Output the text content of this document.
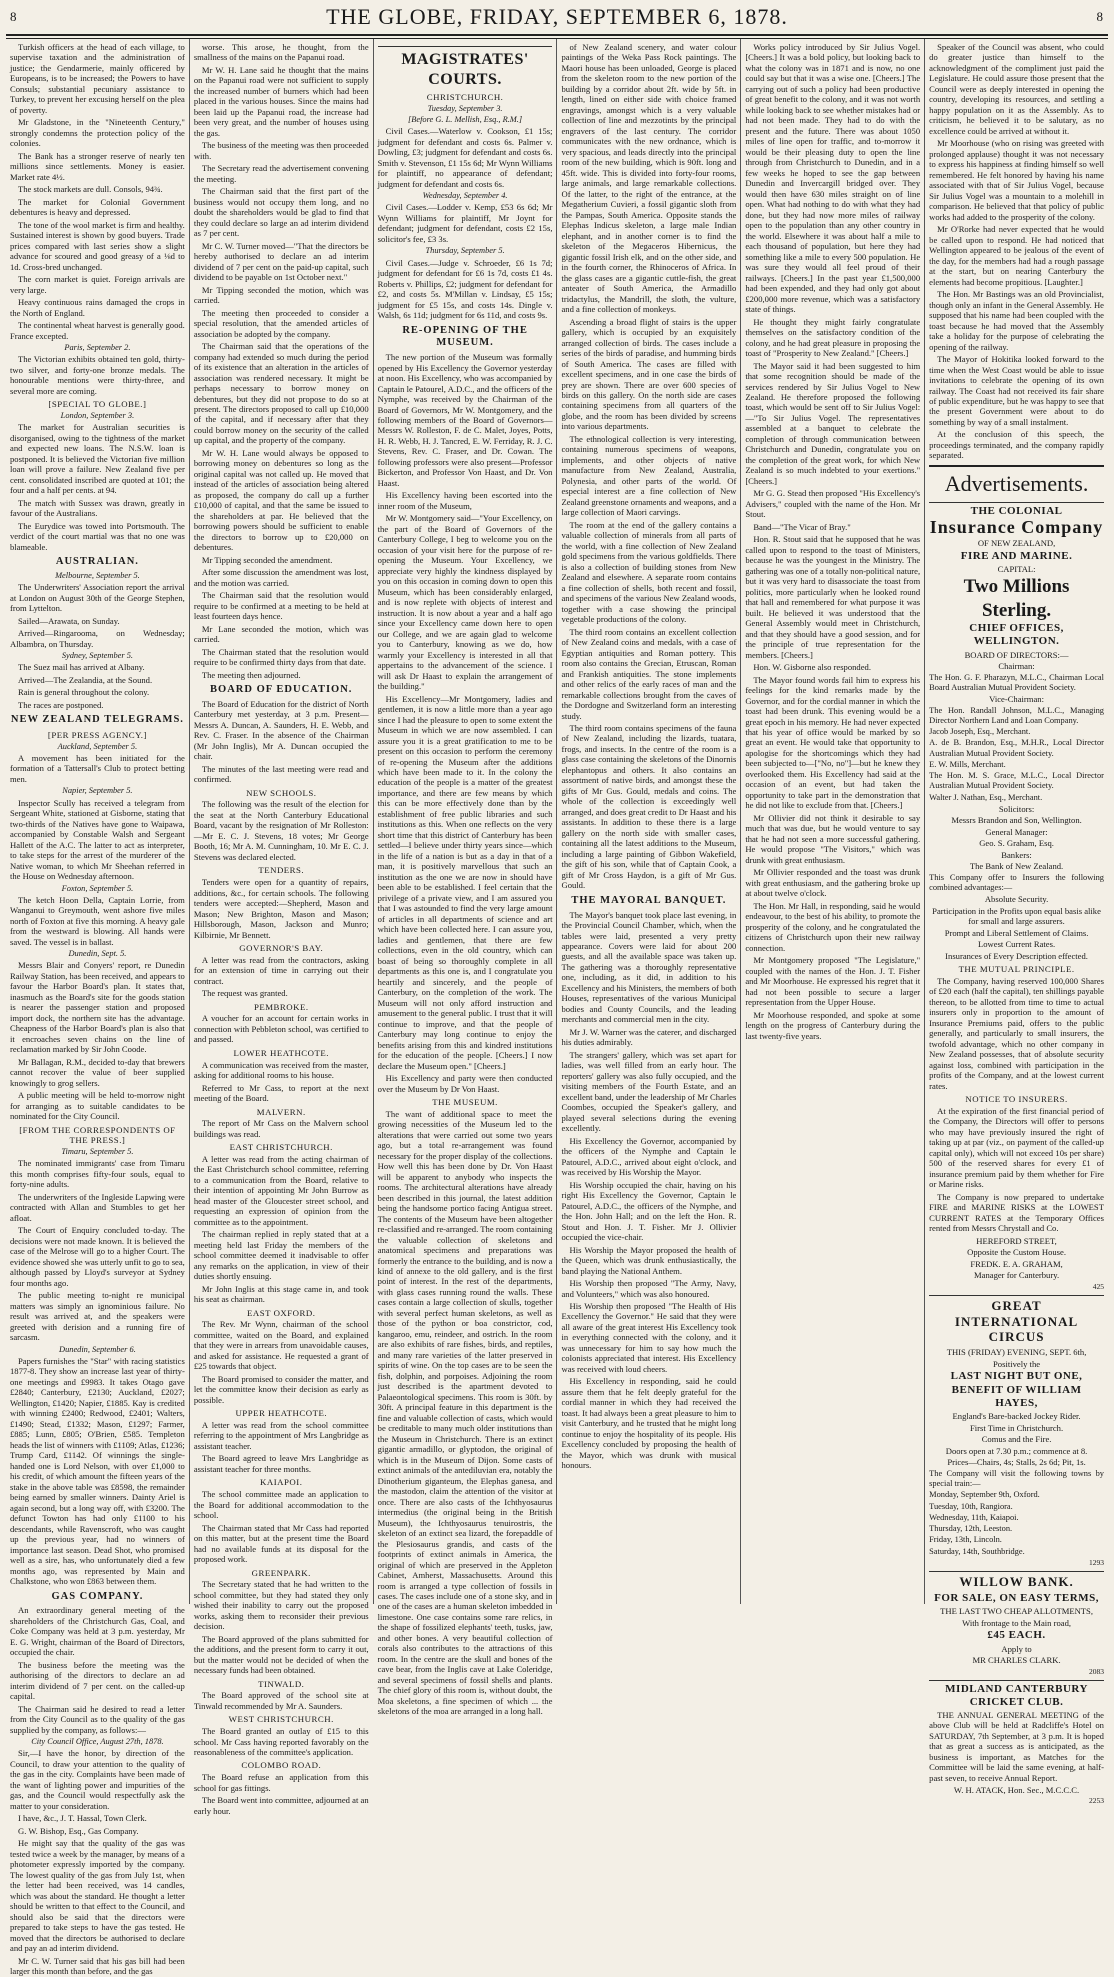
8	THE GLOBE, FRIDAY, SEPTEMBER 6, 1878.	8

Turkish officers at the head of each village, to supervise taxation and the administration of justice; the Gendarmerie, mainly officered by Europeans, is to be increased; the Powers to have Consuls; substantial pecuniary assistance to Turkey, to prevent her excusing herself on the plea of poverty.

Mr Gladstone, in the "Nineteenth Century," strongly condemns the protection policy of the colonies.

The Bank has a stronger reserve of nearly ten millions since settlements. Money is easier. Market rate 4½.

The stock markets are dull. Consols, 94¾.

The market for Colonial Government debentures is heavy and depressed.

The tone of the wool market is firm and healthy. Sustained interest is shown by good buyers. Trade prices compared with last series show a slight advance for scoured and good greasy of a ⅛d to 1d. Cross-bred unchanged.

The corn market is quiet. Foreign arrivals are very large.

Heavy continuous rains damaged the crops in the North of England.

The continental wheat harvest is generally good. France excepted.

Paris, September 2.

The Victorian exhibits obtained ten gold, thirty-two silver, and forty-one bronze medals. The honourable mentions were thirty-three, and several more are coming.

[SPECIAL TO GLOBE.]
London, September 3.

The market for Australian securities is disorganised, owing to the tightness of the market and expected new loans. The N.S.W. loan is postponed. It is believed the Victorian five million loan will prove a failure. New Zealand five per cent. consolidated inscribed are quoted at 101; the four and a half per cents. at 94.

The match with Sussex was drawn, greatly in favour of the Australians.

The Eurydice was towed into Portsmouth. The verdict of the court martial was that no one was blameable.

AUSTRALIAN.
Melbourne, September 5.

The Underwriters' Association report the arrival at London on August 30th of the George Stephen, from Lyttelton.

Sailed—Arawata, on Sunday.

Arrived—Ringarooma, on Wednesday; Albambra, on Thursday.

Sydney, September 5.

The Suez mail has arrived at Albany.

Arrived—The Zealandia, at the Sound.

Rain is general throughout the colony.

The races are postponed.

NEW ZEALAND TELEGRAMS.
[PER PRESS AGENCY.]
Auckland, September 5.

A movement has been initiated for the formation of a Tattersall's Club to protect betting men.

Napier, September 5.

Inspector Scully has received a telegram from Sergeant White, stationed at Gisborne, stating that two-thirds of the Natives have gone to Waipawa, accompanied by Constable Walsh and Sergeant Hallett of the A.C. The latter to act as interpreter, to take steps for the arrest of the murderer of the Native woman, to which Mr Sheehan referred in the House on Wednesday afternoon.

Foxton, September 5.

The ketch Hoon Della, Captain Lorrie, from Wanganui to Greymouth, went ashore five miles north of Foxton at five this morning. A heavy gale from the westward is blowing. All hands were saved. The vessel is in ballast.

Dunedin, Sept. 5.

Messrs Blair and Conyers' report, re Dunedin Railway Station, has been received, and appears to favour the Harbor Board's plan. It states that, inasmuch as the Board's site for the goods station is nearer the passenger station and proposed import dock, the northern site has the advantage. Cheapness of the Harbor Board's plan is also that it encroaches seven chains on the line of reclamation marked by Sir John Coode.

Mr Ballagan, R.M., decided to-day that brewers cannot recover the value of beer supplied knowingly to grog sellers.

A public meeting will be held to-morrow night for arranging as to suitable candidates to be nominated for the City Council.

[FROM THE CORRESPONDENTS OF THE PRESS.]
Timaru, September 5.

The nominated immigrants' case from Timaru this month comprises fifty-four souls, equal to forty-nine adults.

The underwriters of the Ingleside Lapwing were contracted with Allan and Stumbles to get her afloat.

The Court of Enquiry concluded to-day. The decisions were not made known. It is believed the case of the Melrose will go to a higher Court. The evidence showed she was utterly unfit to go to sea, although passed by Lloyd's surveyor at Sydney four months ago.

The public meeting to-night re municipal matters was simply an ignominious failure. No result was arrived at, and the speakers were greeted with derision and a running fire of sarcasm.

Dunedin, September 6.

Papers furnishes the "Star" with racing statistics 1877-8. They show an increase last year of thirty-one meetings and £9983. It takes Otago gave £2840; Canterbury, £2130; Auckland, £2027; Wellington, £1420; Napier, £1885. Kay is credited with winning £2400; Redwood, £2401; Walters, £1490; Stead, £1332; Mason, £1297; Farmer, £885; Lunn, £805; O'Brien, £585. Templeton heads the list of winners with £1109; Atlas, £1236; Trump Card, £1142. Of winnings the single-handed one is Lord Nelson, with over £1,000 to his credit, of which amount the fifteen years of the stake in the above table was £8598, the remainder being earned by smaller winners. Dainty Ariel is again second, but a long way off, with £3200. The defunct Towton has had only £1100 to his descendants, while Ravenscroft, who was caught up the previous year, had no winners of importance last season. Dead Shot, who promised well as a sire, has, who unfortunately died a few months ago, was represented by Main and Chalkstone, who won £863 between them.

GAS COMPANY.

An extraordinary general meeting of the shareholders of the Christchurch Gas, Coal, and Coke Company was held at 3 p.m. yesterday, Mr E. G. Wright, chairman of the Board of Directors, occupied the chair.

The business before the meeting was the authorising of the directors to declare an ad interim dividend of 7 per cent. on the called-up capital.

The Chairman said he desired to read a letter from the City Council as to the quality of the gas supplied by the company, as follows:—

City Council Office, August 27th, 1878.

Sir,—I have the honor, by direction of the Council, to draw your attention to the quality of the gas in the city. Complaints have been made of the want of lighting power and impurities of the gas, and the Council would respectfully ask the matter to your consideration.

I have, &c., J. T. Hassal, Town Clerk.

G. W. Bishop, Esq., Gas Company.

He might say that the quality of the gas was tested twice a week by the manager, by means of a photometer expressly imported by the company. The lowest quality of the gas from July 1st, when the letter had been received, was 14 candles, which was about the standard. He thought a letter should be written to that effect to the Council, and should also be said that the directors were prepared to take steps to have the gas tested. He moved that the directors be authorised to declare and pay an ad interim dividend.

Mr C. W. Turner said that his gas bill had been larger this month than before, and the gas

worse. This arose, he thought, from the smallness of the mains on the Papanui road.

Mr W. H. Lane said he thought that the mains on the Papanui road were not sufficient to supply the increased number of burners which had been placed in the various houses. Since the mains had been laid up the Papanui road, the increase had been very great, and the number of houses using the gas.

The business of the meeting was then proceeded with.

The Secretary read the advertisement convening the meeting.

The Chairman said that the first part of the business would not occupy them long, and no doubt the shareholders would be glad to find that they could declare so large an ad interim dividend as 7 per cent.

Mr C. W. Turner moved—"That the directors be hereby authorised to declare an ad interim dividend of 7 per cent on the paid-up capital, such dividend to be payable on 1st October next."

Mr Tipping seconded the motion, which was carried.

The meeting then proceeded to consider a special resolution, that the amended articles of association be adopted by the company.

The Chairman said that the operations of the company had extended so much during the period of its existence that an alteration in the articles of association was rendered necessary. It might be perhaps necessary to borrow money on debentures, but they did not propose to do so at present. The directors proposed to call up £10,000 of the capital, and if necessary after that they could borrow money on the security of the called up capital, and the property of the company.

Mr W. H. Lane would always be opposed to borrowing money on debentures so long as the original capital was not called up. He moved that instead of the articles of association being altered as proposed, the company do call up a further £10,000 of capital, and that the same be issued to the shareholders at par. He believed that the borrowing powers should be sufficient to enable the directors to borrow up to £20,000 on debentures.

Mr Tipping seconded the amendment.

After some discussion the amendment was lost, and the motion was carried.

The Chairman said that the resolution would require to be confirmed at a meeting to be held at least fourteen days hence.

Mr Lane seconded the motion, which was carried.

The Chairman stated that the resolution would require to be confirmed thirty days from that date.

The meeting then adjourned.

BOARD OF EDUCATION.

The Board of Education for the district of North Canterbury met yesterday, at 3 p.m. Present—Messrs A. Duncan, A. Saunders, H. E. Webb, and Rev. C. Fraser. In the absence of the Chairman (Mr John Inglis), Mr A. Duncan occupied the chair.

The minutes of the last meeting were read and confirmed.

NEW SCHOOLS.

The following was the result of the election for the seat at the North Canterbury Educational Board, vacant by the resignation of Mr Rolleston:—Mr E. C. J. Stevens, 18 votes; Mr George Booth, 16; Mr A. M. Cunningham, 10. Mr E. C. J. Stevens was declared elected.

TENDERS.

Tenders were open for a quantity of repairs, additions, &c., for certain schools. The following tenders were accepted:—Shepherd, Mason and Mason; New Brighton, Mason and Mason; Hillsborough, Mason, Jackson and Munro; Kilbirnie, Mr Bennett.

GOVERNOR'S BAY.

A letter was read from the contractors, asking for an extension of time in carrying out their contract.

The request was granted.

PEMBROKE.

A voucher for an account for certain works in connection with Pebbleton school, was certified to and passed.

LOWER HEATHCOTE.

A communication was received from the master, asking for additional rooms to his house.

Referred to Mr Cass, to report at the next meeting of the Board.

MALVERN.

The report of Mr Cass on the Malvern school buildings was read.

EAST CHRISTCHURCH.

A letter was read from the acting chairman of the East Christchurch school committee, referring to a communication from the Board, relative to their intention of appointing Mr John Burrow as head master of the Gloucester street school, and requesting an expression of opinion from the committee as to the appointment.

The chairman replied in reply stated that at a meeting held last Friday the members of the school committee deemed it inadvisable to offer any remarks on the application, in view of their duties shortly ensuing.

Mr John Inglis at this stage came in, and took his seat as chairman.

EAST OXFORD.

The Rev. Mr Wynn, chairman of the school committee, waited on the Board, and explained that they were in arrears from unavoidable causes, and asked for assistance. He requested a grant of £25 towards that object.

The Board promised to consider the matter, and let the committee know their decision as early as possible.

UPPER HEATHCOTE.

A letter was read from the school committee referring to the appointment of Mrs Langbridge as assistant teacher.

The Board agreed to leave Mrs Langbridge as assistant teacher for three months.

KAIAPOI.

The school committee made an application to the Board for additional accommodation to the school.

The Chairman stated that Mr Cass had reported on this matter, but at the present time the Board had no available funds at its disposal for the proposed work.

GREENPARK.

The Secretary stated that he had written to the school committee, but they had stated they only wished their inability to carry out the proposed works, asking them to reconsider their previous decision.

The Board approved of the plans submitted for the additions, and the present form to carry it out, but the matter would not be decided of when the necessary funds had been obtained.

TINWALD.

The Board approved of the school site at Tinwald recommended by Mr A. Saunders.

WEST CHRISTCHURCH.

The Board granted an outlay of £15 to this school. Mr Cass having reported favorably on the reasonableness of the committee's application.

COLOMBO ROAD.

The Board refuse an application from this school for gas fittings.

The Board went into committee, adjourned at an early hour.

MAGISTRATES' COURTS.
CHRISTCHURCH.
Tuesday, September 3.
[Before G. L. Mellish, Esq., R.M.]

Civil Cases.—Waterlow v. Cookson, £1 15s; judgment for defendant and costs 6s. Palmer v. Dowling, £3; judgment for defendant and costs 6s. Smith v. Stevenson, £1 15s 6d; Mr Wynn Williams for plaintiff, no appearance of defendant; judgment for defendant and costs 6s.

Wednesday, September 4.

Civil Cases.—Lodder v. Kemp, £53 6s 6d; Mr Wynn Williams for plaintiff, Mr Joynt for defendant; judgment for defendant, costs £2 15s, solicitor's fee, £3 3s.

Thursday, September 5.

Civil Cases.—Judge v. Schroeder, £6 1s 7d; judgment for defendant for £6 1s 7d, costs £1 4s. Roberts v. Phillips, £2; judgment for defendant for £2, and costs 5s. M'Millan v. Lindsay, £5 15s; judgment for £5 15s, and costs 14s. Dingle v. Walsh, 6s 11d; judgment for 6s 11d, and costs 9s.

RE-OPENING OF THE MUSEUM.

The new portion of the Museum was formally opened by His Excellency the Governor yesterday at noon. His Excellency, who was accompanied by Captain le Patourel, A.D.C., and the officers of the Nymphe, was received by the Chairman of the Board of Governors, Mr W. Montgomery, and the following members of the Board of Governors—Messrs W. Rolleston, F. de C. Malet, Joyes, Potts, H. R. Webb, H. J. Tancred, E. W. Ferriday, R. J. C. Stevens, Rev. C. Fraser, and Dr. Cowan. The following professors were also present—Professor Bickerton, and Professor Von Haast, and Dr. Von Haast.

His Excellency having been escorted into the inner room of the Museum,

Mr W. Montgomery said—"Your Excellency, on the part of the Board of Governors of the Canterbury College, I beg to welcome you on the occasion of your visit here for the purpose of re-opening the Museum. Your Excellency, we appreciate very highly the kindness displayed by you on this occasion in coming down to open this Museum, which has been considerably enlarged, and is now replete with objects of interest and instruction. It is now about a year and a half ago since your Excellency came down here to open our College, and we are again glad to welcome you to Canterbury, knowing as we do, how warmly your Excellency is interested in all that appertains to the advancement of the science. I will ask Dr Haast to explain the arrangement of the building."

His Excellency—Mr Montgomery, ladies and gentlemen, it is now a little more than a year ago since I had the pleasure to open to some extent the Museum in which we are now assembled. I can assure you it is a great gratification to me to be present on this occasion to perform the ceremony of re-opening the Museum after the additions which have been made to it. In the colony the education of the people is a matter of the greatest importance, and there are few means by which this can be more effectively done than by the establishment of free public libraries and such institutions as this. When one reflects on the very short time that this district of Canterbury has been settled—I believe under thirty years since—which in the life of a nation is but as a day in that of a man, it is positively marvellous that such an institution as the one we are now in should have been able to be established. I feel certain that the privilege of a private view, and I am assured you that I was astounded to find the very large amount of articles in all departments of science and art which have been collected here. I can assure you, ladies and gentlemen, that there are few collections, even in the old country, which can boast of being so thoroughly complete in all departments as this one is, and I congratulate you heartily and sincerely, and the people of Canterbury, on the completion of the work. The Museum will not only afford instruction and amusement to the general public. I trust that it will continue to improve, and that the people of Canterbury may long continue to enjoy the benefits arising from this and kindred institutions for the education of the people. [Cheers.] I now declare the Museum open." [Cheers.]

His Excellency and party were then conducted over the Museum by Dr Von Haast.

THE MUSEUM.

The want of additional space to meet the growing necessities of the Museum led to the alterations that were carried out some two years ago, but a total re-arrangement was found necessary for the proper display of the collections. How well this has been done by Dr. Von Haast will be apparent to anybody who inspects the rooms. The architectural alterations have already been described in this journal, the latest addition being the handsome portico facing Antigua street. The contents of the Museum have been altogether re-classified and re-arranged. The room containing the valuable collection of skeletons and anatomical specimens and preparations was formerly the entrance to the building, and is now a kind of annexe to the old gallery, and is the first point of interest. In the rest of the departments, with glass cases running round the walls. These cases contain a large collection of skulls, together with several perfect human skeletons, as well as those of the python or boa constrictor, cod, kangaroo, emu, reindeer, and ostrich. In the room are also exhibits of rare fishes, birds, and reptiles, and many rare varieties of the latter preserved in spirits of wine. On the top cases are to be seen the fish, dolphin, and porpoises. Adjoining the room just described is the apartment devoted to Palaeontological specimens. This room is 30ft. by 30ft. A principal feature in this department is the fine and valuable collection of casts, which would be creditable to many much older institutions than the Museum in Christchurch. There is an extinct gigantic armadillo, or glyptodon, the original of which is in the Museum of Dijon. Some casts of extinct animals of the antediluvian era, notably the Dinotherium giganteum, the Elephas ganesa, and the mastodon, claim the attention of the visitor at once. There are also casts of the Ichthyosaurus intermedius (the original being in the British Museum), the Ichthyosaurus tenuirostris, the skeleton of an extinct sea lizard, the forepaddle of the Plesiosaurus grandis, and casts of the footprints of extinct animals in America, the original of which are preserved in the Appleton Cabinet, Amherst, Massachusetts. Around this room is arranged a type collection of fossils in cases. The cases include one of a stone sky, and in one of the cases are a human skeleton imbedded in limestone. One case contains some rare relics, in the shape of fossilized elephants' teeth, tusks, jaw, and other bones. A very beautiful collection of corals also contributes to the attractions of this room. In the centre are the skull and bones of the cave bear, from the Inglis cave at Lake Coleridge, and several specimens of fossil shells and plants. The chief glory of this room is, without doubt, the Moa skeletons, a fine specimen of which ... the skeletons of the moa are arranged in a long hall.

of New Zealand scenery, and water colour paintings of the Weka Pass Rock paintings. The Maori house has been unloaded, George is placed from the skeleton room to the new portion of the building by a corridor about 2ft. wide by 5ft. in length, lined on either side with choice framed engravings, amongst which is a very valuable collection of line and mezzotints by the principal engravers of the last century. The corridor communicates with the new ordnance, which is very spacious, and leads directly into the principal room of the new building, which is 90ft. long and 45ft. wide. This is divided into forty-four rooms, large animals, and large remarkable collections. Of the latter, to the right of the entrance, at the Megatherium Cuvieri, a fossil gigantic sloth from the Pampas, South America. Opposite stands the Elephas Indicus skeleton, a large male Indian elephant, and in another corner is to find the skeleton of the Megaceros Hibernicus, the gigantic fossil Irish elk, and on the other side, and in the fourth corner, the Rhinoceros of Africa. In the glass cases are a gigantic cuttle-fish, the great anteater of South America, the Armadillo tridactylus, the Mandrill, the sloth, the vulture, and a fine collection of monkeys.

Ascending a broad flight of stairs is the upper gallery, which is occupied by an exquisitely arranged collection of birds. The cases include a series of the birds of paradise, and humming birds of South America. The cases are filled with excellent specimens, and in one case the birds of prey are shown. There are over 600 species of birds on this gallery. On the north side are cases containing specimens from all quarters of the globe, and the room has been divided by screens into various departments.

The ethnological collection is very interesting, containing numerous specimens of weapons, implements, and other objects of native manufacture from New Zealand, Australia, Polynesia, and other parts of the world. Of especial interest are a fine collection of New Zealand greenstone ornaments and weapons, and a large collection of Maori carvings.

The room at the end of the gallery contains a valuable collection of minerals from all parts of the world, with a fine collection of New Zealand gold specimens from the various goldfields. There is also a collection of building stones from New Zealand and elsewhere. A separate room contains a fine collection of shells, both recent and fossil, and specimens of the various New Zealand woods, together with a case showing the principal vegetable productions of the colony.

The third room contains an excellent collection of New Zealand coins and medals, with a case of Egyptian antiquities and Roman pottery. This room also contains the Grecian, Etruscan, Roman and Frankish antiquities. The stone implements and other relics of the early races of man and the remarkable collections brought from the caves of the Dordogne and Switzerland form an interesting study.

The third room contains specimens of the fauna of New Zealand, including the lizards, tuatara, frogs, and insects. In the centre of the room is a glass case containing the skeletons of the Dinornis elephantopus and others. It also contains an assortment of native birds, and amongst these the gifts of Mr Gus. Gould, medals and coins. The whole of the collection is exceedingly well arranged, and does great credit to Dr Haast and his assistants. In addition to these there is a large gallery on the north side with smaller cases, containing all the latest additions to the Museum, including a large painting of Gibbon Wakefield, the gift of his son, while that of Captain Cook, a gift of Mr Cross Haydon, is a gift of Mr Gus. Gould.

THE MAYORAL BANQUET.

The Mayor's banquet took place last evening, in the Provincial Council Chamber, which, when the tables were laid, presented a very pretty appearance. Covers were laid for about 200 guests, and all the available space was taken up. The gathering was a thoroughly representative one, including, as it did, in addition to his Excellency and his Ministers, the members of both Houses, representatives of the various Municipal bodies and County Councils, and the leading merchants and commercial men in the city.

Mr J. W. Warner was the caterer, and discharged his duties admirably.

The strangers' gallery, which was set apart for ladies, was well filled from an early hour. The reporters' gallery was also fully occupied, and the visiting members of the Fourth Estate, and an excellent band, under the leadership of Mr Charles Coombes, occupied the Speaker's gallery, and played several selections during the evening excellently.

His Excellency the Governor, accompanied by the officers of the Nymphe and Captain le Patourel, A.D.C., arrived about eight o'clock, and was received by His Worship the Mayor.

His Worship occupied the chair, having on his right His Excellency the Governor, Captain le Patourel, A.D.C., the officers of the Nymphe, and the Hon. John Hall; and on the left the Hon. R. Stout and Hon. J. T. Fisher. Mr J. Ollivier occupied the vice-chair.

His Worship the Mayor proposed the health of the Queen, which was drunk enthusiastically, the band playing the National Anthem.

His Worship then proposed "The Army, Navy, and Volunteers," which was also honoured.

His Worship then proposed "The Health of His Excellency the Governor." He said that they were all aware of the great interest His Excellency took in everything connected with the colony, and it was unnecessary for him to say how much the colonists appreciated that interest. His Excellency was received with loud cheers.

His Excellency in responding, said he could assure them that he felt deeply grateful for the cordial manner in which they had received the toast. It had always been a great pleasure to him to visit Canterbury, and he trusted that he might long continue to enjoy the hospitality of its people. His Excellency concluded by proposing the health of the Mayor, which was drunk with musical honours.

Works policy introduced by Sir Julius Vogel. [Cheers.] It was a bold policy, but looking back to what the colony was in 1871 and is now, no one could say but that it was a wise one. [Cheers.] The carrying out of such a policy had been productive of great benefit to the colony, and it was not worth while looking back to see whether mistakes had or had not been made. They had to do with the present and the future. There was about 1050 miles of line open for traffic, and to-morrow it would be their pleasing duty to open the line through from Christchurch to Dunedin, and in a few weeks he hoped to see the gap between Dunedin and Invercargill bridged over. They would then have 630 miles straight on of line open. What had nothing to do with what they had done, but they had now more miles of railway open to the population than any other country in the world. Elsewhere it was about half a mile to each thousand of population, but here they had something like a mile to every 500 population. He was sure they would all feel proud of their railways. [Cheers.] In the past year £1,500,000 had been expended, and they had only got about £200,000 more revenue, which was a satisfactory state of things.

He thought they might fairly congratulate themselves on the satisfactory condition of the colony, and he had great pleasure in proposing the toast of "Prosperity to New Zealand." [Cheers.]

The Mayor said it had been suggested to him that some recognition should be made of the services rendered by Sir Julius Vogel to New Zealand. He therefore proposed the following toast, which would be sent off to Sir Julius Vogel:—"To Sir Julius Vogel. The representatives assembled at a banquet to celebrate the completion of through communication between Christchurch and Dunedin, congratulate you on the completion of the great work, for which New Zealand is so much indebted to your exertions." [Cheers.]

Mr G. G. Stead then proposed "His Excellency's Advisers," coupled with the name of the Hon. Mr Stout.

Band—"The Vicar of Bray."

Hon. R. Stout said that he supposed that he was called upon to respond to the toast of Ministers, because he was the youngest in the Ministry. The gathering was one of a totally non-political nature, but it was very hard to disassociate the toast from politics, more particularly when he looked round that hall and remembered for what purpose it was built. He believed it was understood that the General Assembly would meet in Christchurch, and that they should have a good session, and for the principle of true representation for the members. [Cheers.]

Hon. W. Gisborne also responded.

The Mayor found words fail him to express his feelings for the kind remarks made by the Governor, and for the cordial manner in which the toast had been drunk. This evening would be a great epoch in his memory. He had never expected that his year of office would be marked by so great an event. He would take that opportunity to apologise for the shortcomings which they had been subjected to—["No, no"]—but he knew they overlooked them. His Excellency had said at the occasion of an event, but had taken the opportunity to take part in the demonstration that he did not like to exclude from that. [Cheers.]

Mr Ollivier did not think it desirable to say much that was due, but he would venture to say that he had not seen a more successful gathering. He would propose "The Visitors," which was drunk with great enthusiasm.

Mr Ollivier responded and the toast was drunk with great enthusiasm, and the gathering broke up at about twelve o'clock.

The Hon. Mr Hall, in responding, said he would endeavour, to the best of his ability, to promote the prosperity of the colony, and he congratulated the citizens of Christchurch upon their new railway connection.

Mr Montgomery proposed "The Legislature," coupled with the names of the Hon. J. T. Fisher and Mr Moorhouse. He expressed his regret that it had not been possible to secure a larger representation from the Upper House.

Mr Moorhouse responded, and spoke at some length on the progress of Canterbury during the last twenty-five years.

Speaker of the Council was absent, who could do greater justice than himself to the acknowledgment of the compliment just paid the Legislature. He could assure those present that the Council were as deeply interested in opening the country, developing its resources, and settling a happy population on it as the Assembly. As to criticism, he believed it to be salutary, as no excellence could be arrived at without it.

Mr Moorhouse (who on rising was greeted with prolonged applause) thought it was not necessary to express his happiness at finding himself so well remembered. He felt honored by having his name associated with that of Sir Julius Vogel, because Sir Julius Vogel was a mountain to a molehill in comparison. He believed that that policy of public works had added to the prosperity of the colony.

Mr O'Rorke had never expected that he would be called upon to respond. He had noticed that Wellington appeared to be jealous of the event of the day, for the members had had a rough passage at the start, but on nearing Canterbury the elements had become propitious. [Laughter.]

The Hon. Mr Bastings was an old Provincialist, though only an infant in the General Assembly. He supposed that his name had been coupled with the toast because he had moved that the Assembly take a holiday for the purpose of celebrating the opening of the railway.

The Mayor of Hokitika looked forward to the time when the West Coast would be able to issue invitations to celebrate the opening of its own railway. The Coast had not received its fair share of public expenditure, but he was happy to see that the present Government were about to do something by way of a small instalment.

At the conclusion of this speech, the proceedings terminated, and the company rapidly separated.

Advertisements.
THE COLONIAL
Insurance Company
OF NEW ZEALAND,
FIRE AND MARINE.
CAPITAL:
Two Millions Sterling.
CHIEF OFFICES, WELLINGTON.
BOARD OF DIRECTORS:—
Chairman:
The Hon. G. F. Pharazyn, M.L.C., Chairman Local Board Australian Mutual Provident Society.
Vice-Chairman:
The Hon. Randall Johnson, M.L.C., Managing Director Northern Land and Loan Company.
Jacob Joseph, Esq., Merchant.
A. de B. Brandon, Esq., M.H.R., Local Director Australian Mutual Provident Society.
E. W. Mills, Merchant.
The Hon. M. S. Grace, M.L.C., Local Director Australian Mutual Provident Society.
Walter J. Nathan, Esq., Merchant.
Solicitors:
Messrs Brandon and Son, Wellington.
General Manager:
Geo. S. Graham, Esq.
Bankers:
The Bank of New Zealand.
This Company offer to Insurers the following combined advantages:—
Absolute Security.
Participation in the Profits upon equal basis alike for small and large assurers.
Prompt and Liberal Settlement of Claims.
Lowest Current Rates.
Insurances of Every Description effected.
THE MUTUAL PRINCIPLE.

The Company, having reserved 100,000 Shares of £20 each (half the capital), ten shillings payable thereon, to be allotted from time to time to actual insurers only in proportion to the amount of Insurance Premiums paid, offers to the public generally, and particularly to small insurers, the twofold advantage, which no other company in New Zealand possesses, that of absolute security against loss, combined with participation in the profits of the Company, and at the lowest current rates.

NOTICE TO INSURERS.

At the expiration of the first financial period of the Company, the Directors will offer to persons who may have previously insured the right of taking up at par (viz., on payment of the called-up capital only), which will not exceed 10s per share) 500 of the reserved shares for every £1 of insurance premium paid by them whether for Fire or Marine risks.

The Company is now prepared to undertake FIRE and MARINE RISKS at the LOWEST CURRENT RATES at the Temporary Offices rented from Messrs Chrystall and Co.

HEREFORD STREET,
Opposite the Custom House.
FREDK. E. A. GRAHAM,
Manager for Canterbury.
425
GREAT INTERNATIONAL CIRCUS
THIS (FRIDAY) EVENING, SEPT. 6th,
Positively the
LAST NIGHT BUT ONE,
BENEFIT OF WILLIAM HAYES,
England's Bare-backed Jockey Rider.
First Time in Christchurch.
Comus and the Fire.
Doors open at 7.30 p.m.; commence at 8.
Prices—Chairs, 4s; Stalls, 2s 6d; Pit, 1s.
The Company will visit the following towns by special train:—
Monday, September 9th, Oxford.
Tuesday, 10th, Rangiora.
Wednesday, 11th, Kaiapoi.
Thursday, 12th, Leeston.
Friday, 13th, Lincoln.
Saturday, 14th, Southbridge.
1293
WILLOW BANK.
FOR SALE, ON EASY TERMS,
THE LAST TWO CHEAP ALLOTMENTS,
With frontage to the Main road,
£45 EACH.
Apply to
MR CHARLES CLARK.
2083
MIDLAND CANTERBURY CRICKET CLUB.

THE ANNUAL GENERAL MEETING of the above Club will be held at Radcliffe's Hotel on SATURDAY, 7th September, at 3 p.m. It is hoped that as great a success as is anticipated, as the business is important, as Matches for the Committee will be laid the same evening, at half-past seven, to receive Annual Report.

W. H. ATACK, Hon. Sec., M.C.C.C.
2253
